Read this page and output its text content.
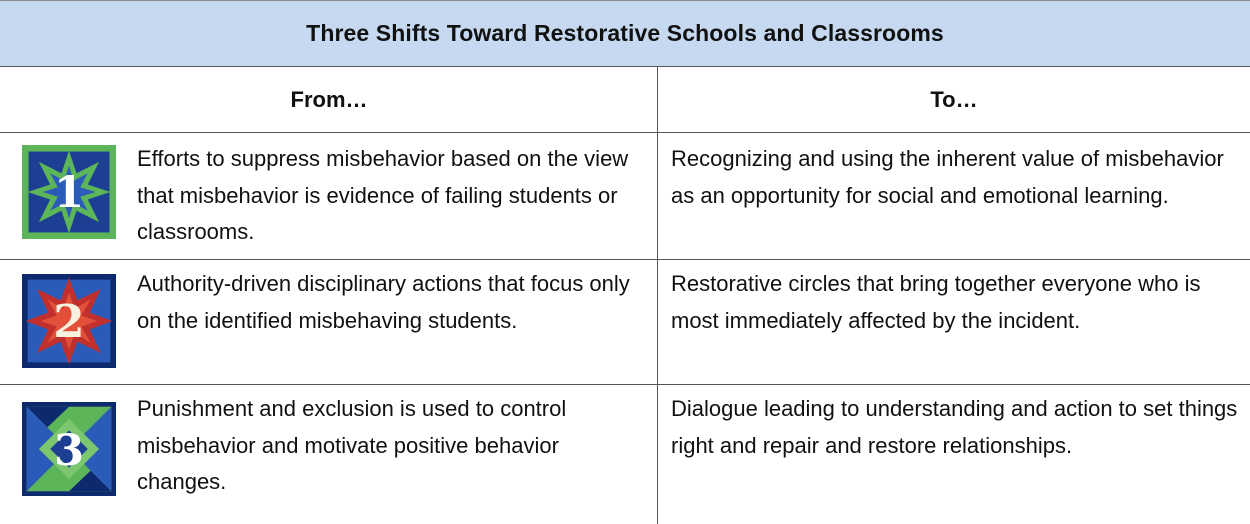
Three Shifts Toward Restorative Schools and Classrooms
From…	To…
1
Efforts to suppress misbehavior based on the view that misbehavior is evidence of failing students or classrooms.
Recognizing and using the inherent value of misbehavior as an opportunity for social and emotional learning.
2
Authority-driven disciplinary actions that focus only on the identified misbehaving students.
Restorative circles that bring together everyone who is most immediately affected by the incident.
3
Punishment and exclusion is used to control misbehavior and motivate positive behavior changes.
Dialogue leading to understanding and action to set things right and repair and restore relationships.
